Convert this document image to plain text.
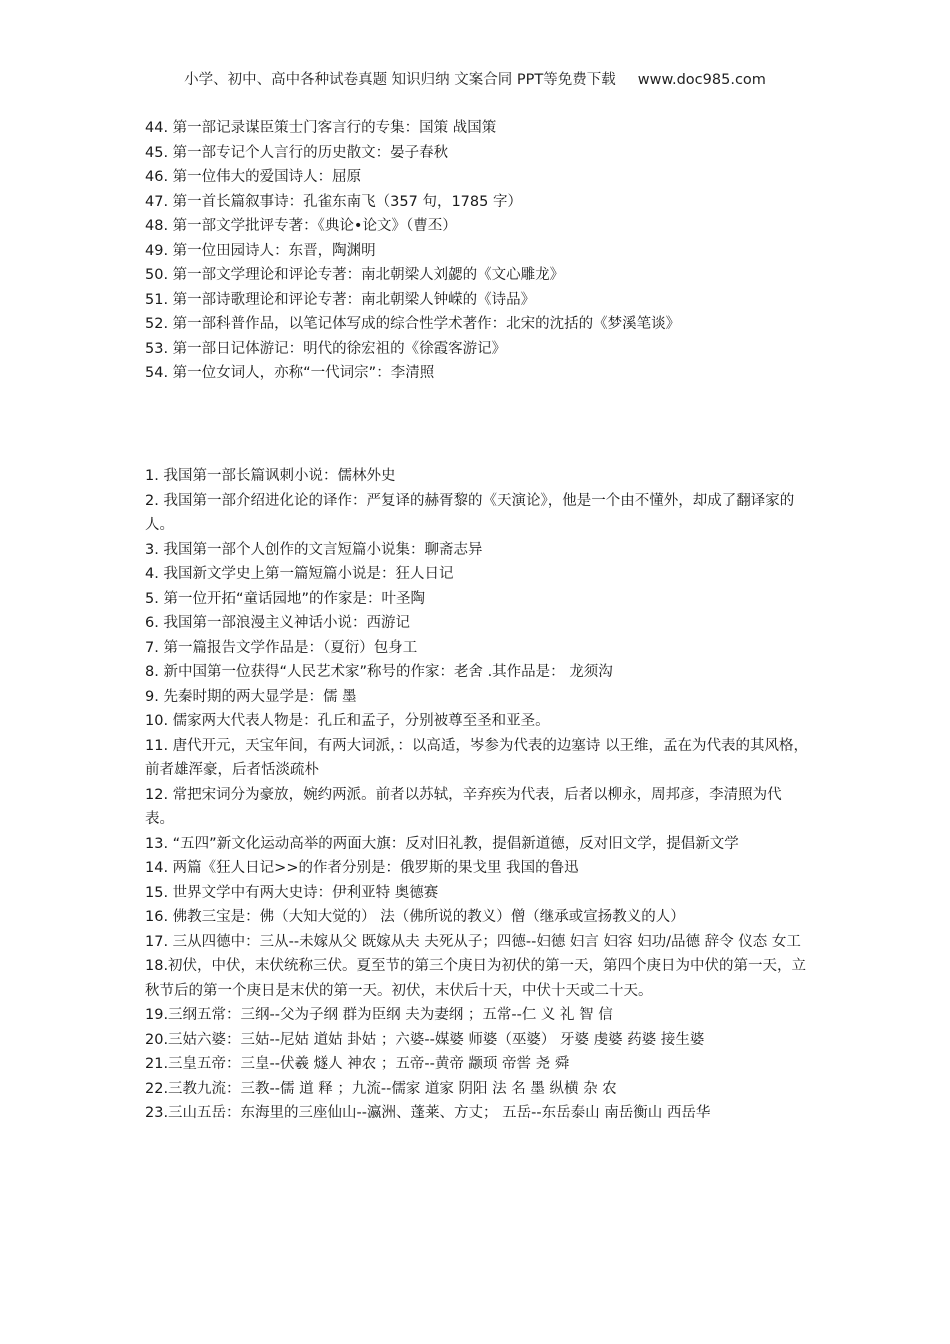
小学、初中、高中各种试卷真题 知识归纳 文案合同 PPT等免费下载 www.doc985.com
44. 第一部记录谋臣策士门客言行的专集：国策 战国策
45. 第一部专记个人言行的历史散文：晏子春秋
46. 第一位伟大的爱国诗人：屈原
47. 第一首长篇叙事诗：孔雀东南飞（357 句，1785 字）
48. 第一部文学批评专著：《典论•论文》（曹丕）
49. 第一位田园诗人：东晋，陶渊明
50. 第一部文学理论和评论专著：南北朝梁人刘勰的《文心雕龙》
51. 第一部诗歌理论和评论专著：南北朝梁人钟嵘的《诗品》
52. 第一部科普作品，以笔记体写成的综合性学术著作：北宋的沈括的《梦溪笔谈》
53. 第一部日记体游记：明代的徐宏祖的《徐霞客游记》
54. 第一位女词人，亦称“一代词宗”：李清照
1. 我国第一部长篇讽刺小说：儒林外史
2. 我国第一部介绍进化论的译作：严复译的赫胥黎的《天演论》，他是一个由不懂外，却成了翻译家的人。
3. 我国第一部个人创作的文言短篇小说集：聊斋志异
4. 我国新文学史上第一篇短篇小说是：狂人日记
5. 第一位开拓“童话园地”的作家是：叶圣陶
6. 我国第一部浪漫主义神话小说：西游记
7. 第一篇报告文学作品是：（夏衍）包身工
8. 新中国第一位获得“人民艺术家”称号的作家：老舍 .其作品是： 龙须沟
9. 先秦时期的两大显学是：儒 墨
10. 儒家两大代表人物是：孔丘和孟子，分别被尊至圣和亚圣。
11. 唐代开元，天宝年间，有两大词派，：以高适，岑参为代表的边塞诗 以王维，孟在为代表的其风格，前者雄浑豪，后者恬淡疏朴
12. 常把宋词分为豪放，婉约两派。前者以苏轼，辛弃疾为代表，后者以柳永，周邦彦，李清照为代表。
13. “五四”新文化运动高举的两面大旗：反对旧礼教，提倡新道德，反对旧文学，提倡新文学
14. 两篇《狂人日记>>的作者分别是：俄罗斯的果戈里 我国的鲁迅
15. 世界文学中有两大史诗：伊利亚特 奥德赛
16. 佛教三宝是：佛（大知大觉的） 法（佛所说的教义）僧（继承或宣扬教义的人）
17. 三从四德中：三从--未嫁从父 既嫁从夫 夫死从子；四德--妇德 妇言 妇容 妇功/品德 辞令 仪态 女工
18.初伏，中伏，末伏统称三伏。夏至节的第三个庚日为初伏的第一天，第四个庚日为中伏的第一天，立秋节后的第一个庚日是末伏的第一天。初伏，末伏后十天，中伏十天或二十天。
19.三纲五常：三纲--父为子纲 群为臣纲 夫为妻纲 ；五常--仁 义 礼 智 信
20.三姑六婆：三姑--尼姑 道姑 卦姑 ；六婆--媒婆 师婆（巫婆） 牙婆 虔婆 药婆 接生婆
21.三皇五帝：三皇--伏羲 燧人 神农 ；五帝--黄帝 颛顼 帝喾 尧 舜
22.三教九流：三教--儒 道 释 ；九流--儒家 道家 阴阳 法 名 墨 纵横 杂 农
23.三山五岳：东海里的三座仙山--瀛洲、蓬莱、方丈； 五岳--东岳泰山 南岳衡山 西岳华
